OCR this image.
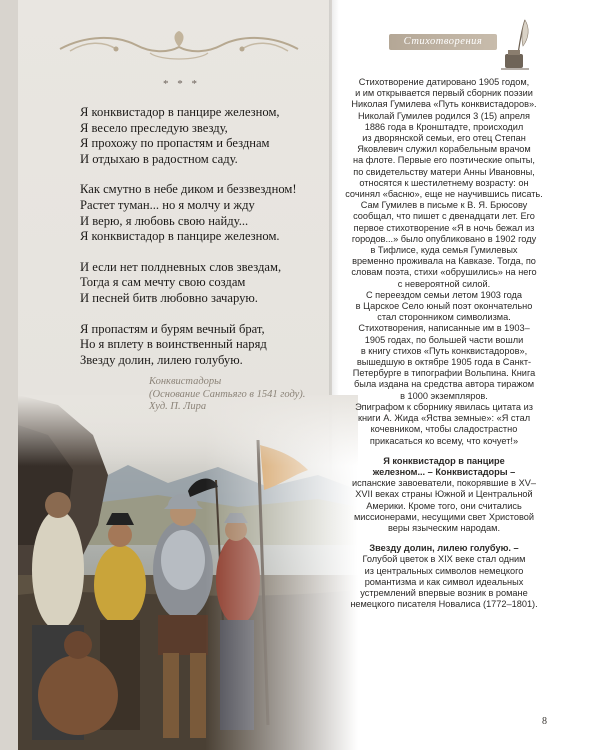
* * *
Я конквистадор в панцире железном,
Я весело преследую звезду,
Я прохожу по пропастям и безднам
И отдыхаю в радостном саду.
Как смутно в небе диком и беззвездном!
Растет туман... но я молчу и жду
И верю, я любовь свою найду...
Я конквистадор в панцире железном.
И если нет полдневных слов звездам,
Тогда я сам мечту свою создам
И песней битв любовно зачарую.
Я пропастям и бурям вечный брат,
Но я вплету в воинственный наряд
Звезду долин, лилею голубую.
Конквистадоры
(Основание Сантьяго в 1541 году).
Худ. П. Лира
Стихотворения
Стихотворение датировано 1905 годом,
и им открывается первый сборник поэзии
Николая Гумилева «Путь конквистадоров».
Николай Гумилев родился 3 (15) апреля
1886 года в Кронштадте, происходил
из дворянской семьи, его отец Степан
Яковлевич служил корабельным врачом
на флоте. Первые его поэтические опыты,
по свидетельству матери Анны Ивановны,
относятся к шестилетнему возрасту: он
сочинял «басню», еще не научившись писать.
Сам Гумилев в письме к В. Я. Брюсову
сообщал, что пишет с двенадцати лет. Его
первое стихотворение «Я в ночь бежал из
городов...» было опубликовано в 1902 году
в Тифлисе, куда семья Гумилевых
временно проживала на Кавказе. Тогда, по
словам поэта, стихи «обрушились» на него
с невероятной силой.
С переездом семьи летом 1903 года
в Царское Село юный поэт окончательно
стал сторонником символизма.
Стихотворения, написанные им в 1903–
1905 годах, по большей части вошли
в книгу стихов «Путь конквистадоров»,
вышедшую в октябре 1905 года в Санкт-
Петербурге в типографии Вольпина. Книга
была издана на средства автора тиражом
в 1000 экземпляров.
Эпиграфом к сборнику явилась цитата из
книги А. Жида «Яства земные»: «Я стал
кочевником, чтобы сладострастно
прикасаться ко всему, что кочует!»
Я конквистадор в панцире
железном... – Конквистадоры –
испанские завоеватели, покорявшие в XV–
XVII веках страны Южной и Центральной
Америки. Кроме того, они считались
миссионерами, несущими свет Христовой
веры языческим народам.
Звезду долин, лилею голубую. –
Голубой цветок в XIX веке стал одним
из центральных символов немецкого
романтизма и как символ идеальных
устремлений впервые возник в романе
немецкого писателя Новалиса (1772–1801).
8
